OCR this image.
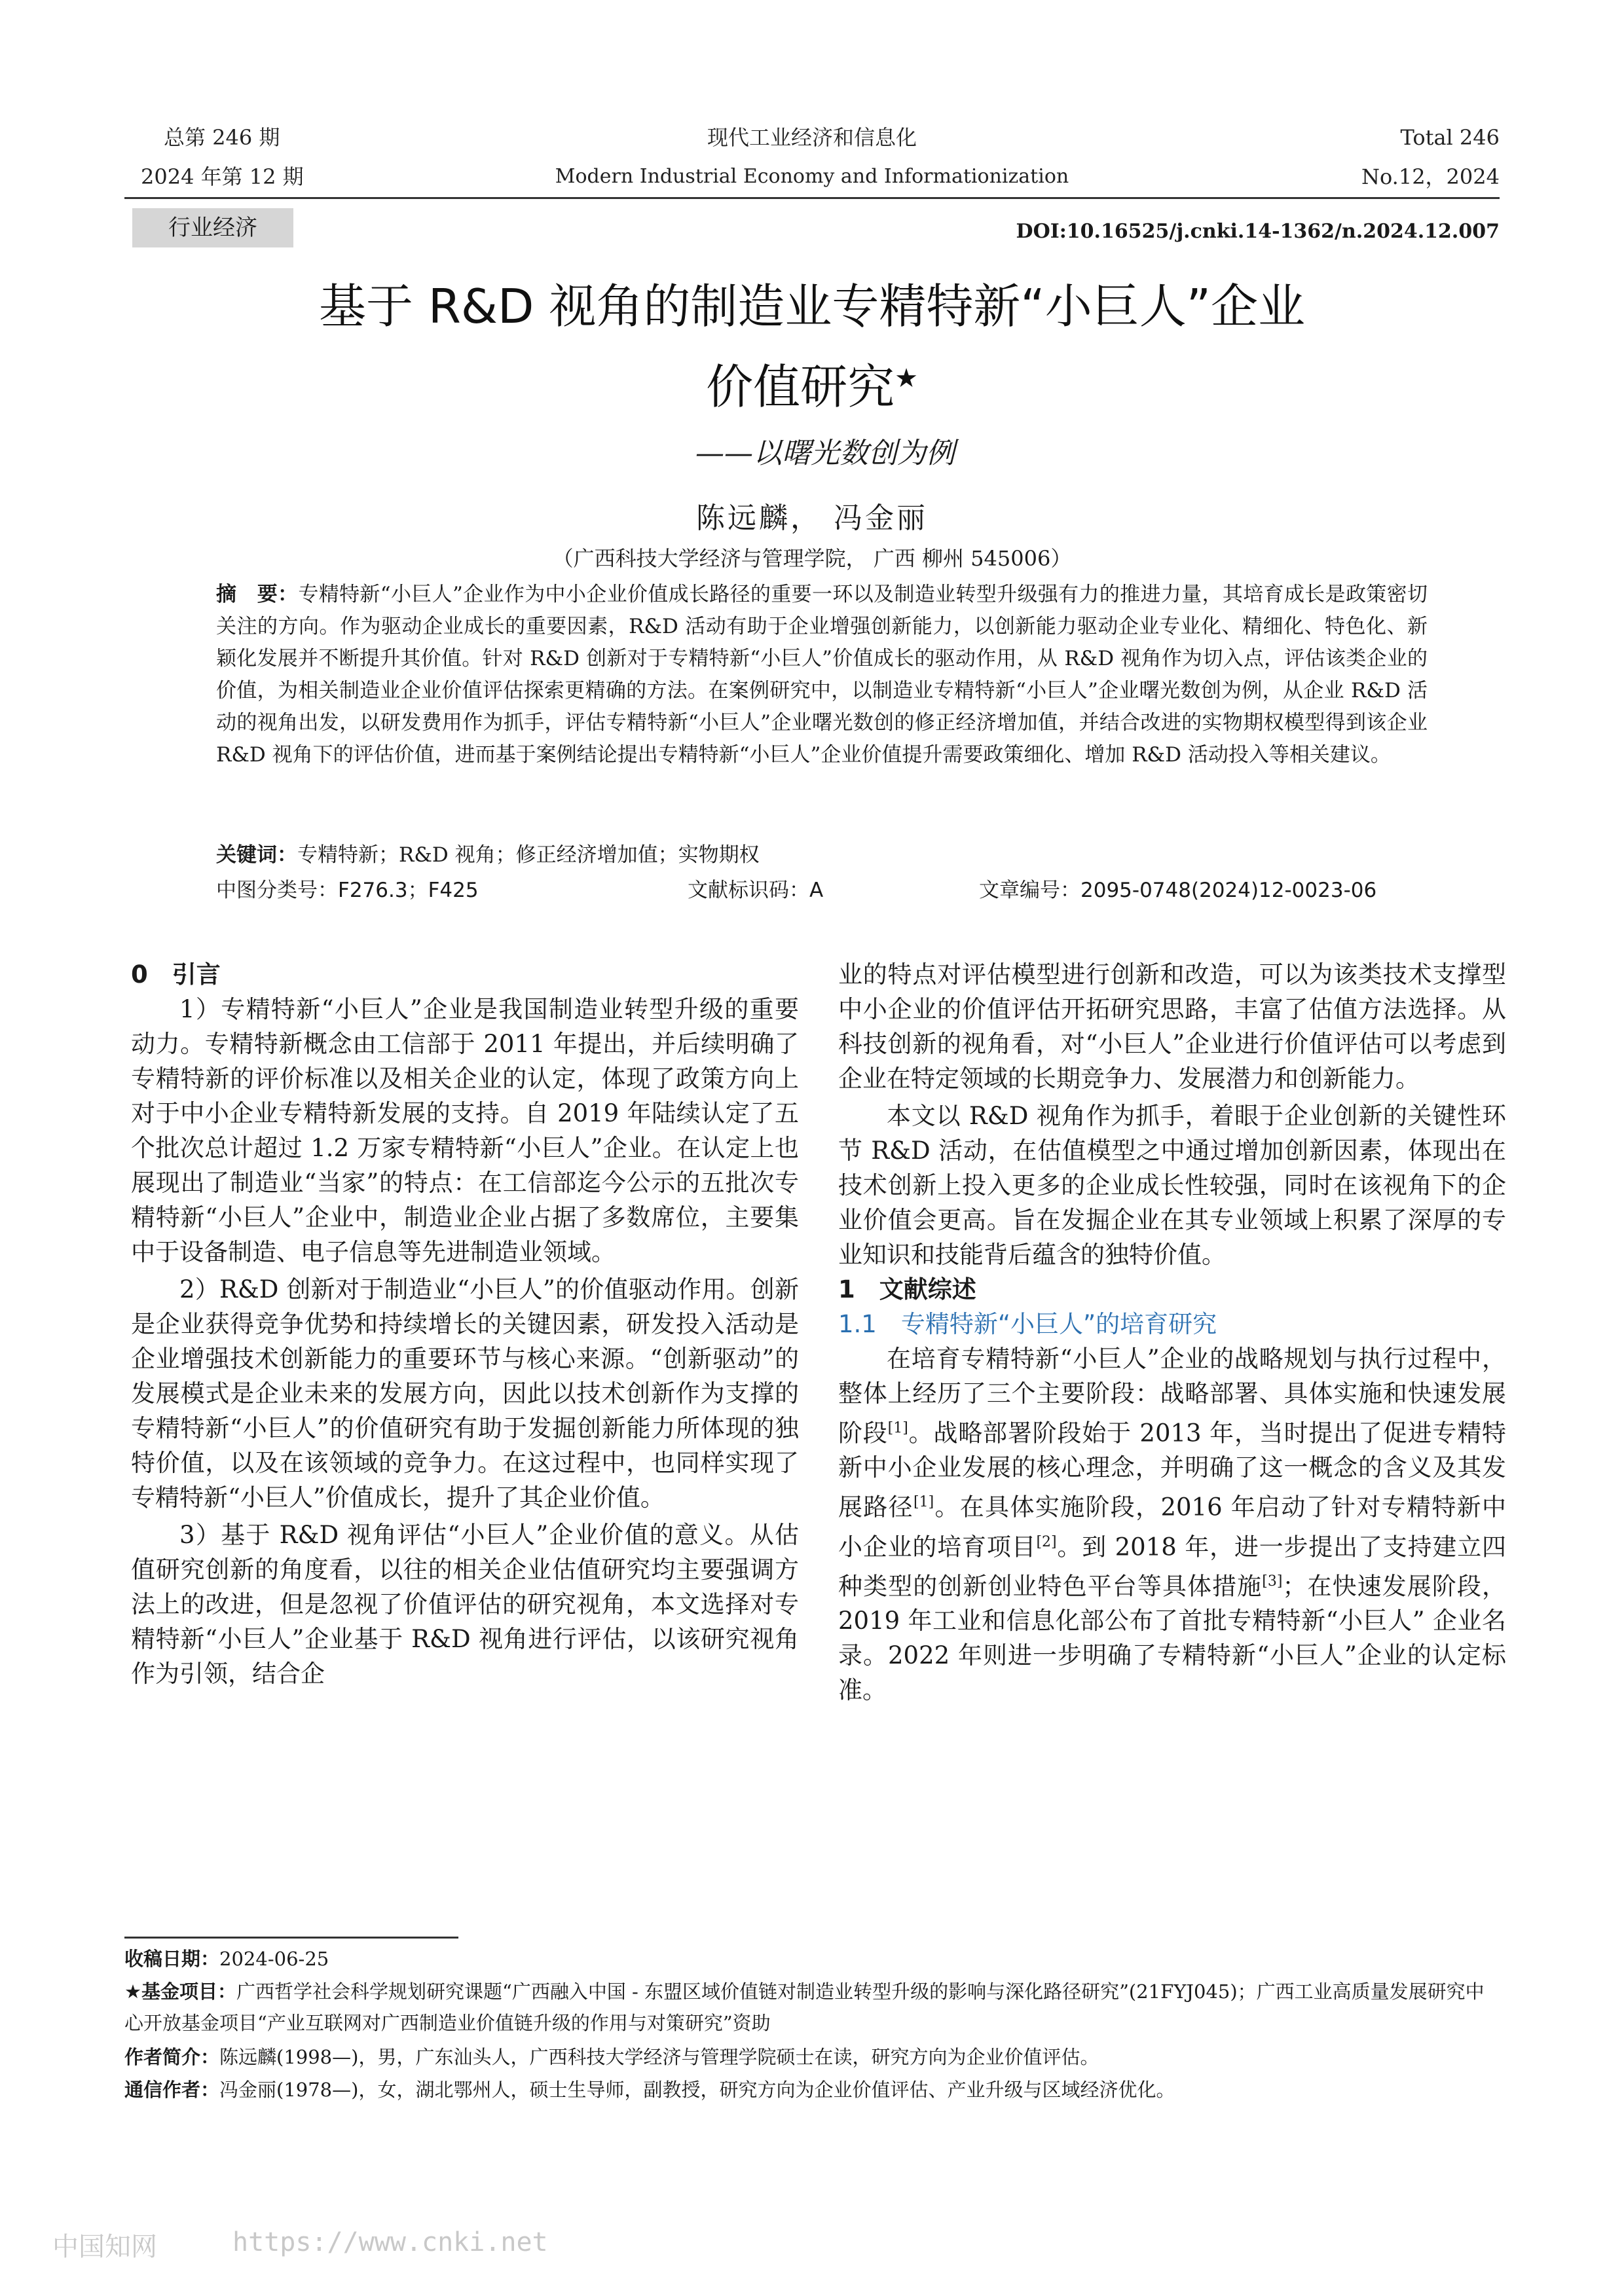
总第 246 期
2024 年第 12 期
现代工业经济和信息化
Modern Industrial Economy and Informationization
Total 246
No.12，2024
行业经济	DOI:10.16525/j.cnki.14-1362/n.2024.12.007
基于 R&D 视角的制造业专精特新“小巨人”企业
价值研究★
——以曙光数创为例
陈远麟， 冯金丽
（广西科技大学经济与管理学院， 广西 柳州 545006）
摘　要：专精特新“小巨人”企业作为中小企业价值成长路径的重要一环以及制造业转型升级强有力的推进力量，其培育成长是政策密切关注的方向。作为驱动企业成长的重要因素，R&D 活动有助于企业增强创新能力，以创新能力驱动企业专业化、精细化、特色化、新颖化发展并不断提升其价值。针对 R&D 创新对于专精特新“小巨人”价值成长的驱动作用，从 R&D 视角作为切入点，评估该类企业的价值，为相关制造业企业价值评估探索更精确的方法。在案例研究中，以制造业专精特新“小巨人”企业曙光数创为例，从企业 R&D 活动的视角出发，以研发费用作为抓手，评估专精特新“小巨人”企业曙光数创的修正经济增加值，并结合改进的实物期权模型得到该企业 R&D 视角下的评估价值，进而基于案例结论提出专精特新“小巨人”企业价值提升需要政策细化、增加 R&D 活动投入等相关建议。
关键词：专精特新；R&D 视角；修正经济增加值；实物期权
中图分类号：F276.3；F425	文献标识码：A	文章编号：2095-0748(2024)12-0023-06
0　引言

1）专精特新“小巨人”企业是我国制造业转型升级的重要动力。专精特新概念由工信部于 2011 年提出，并后续明确了专精特新的评价标准以及相关企业的认定，体现了政策方向上对于中小企业专精特新发展的支持。自 2019 年陆续认定了五个批次总计超过 1.2 万家专精特新“小巨人”企业。在认定上也展现出了制造业“当家”的特点：在工信部迄今公示的五批次专精特新“小巨人”企业中，制造业企业占据了多数席位，主要集中于设备制造、电子信息等先进制造业领域。

2）R&D 创新对于制造业“小巨人”的价值驱动作用。创新是企业获得竞争优势和持续增长的关键因素，研发投入活动是企业增强技术创新能力的重要环节与核心来源。“创新驱动”的发展模式是企业未来的发展方向，因此以技术创新作为支撑的专精特新“小巨人”的价值研究有助于发掘创新能力所体现的独特价值，以及在该领域的竞争力。在这过程中，也同样实现了专精特新“小巨人”价值成长，提升了其企业价值。

3）基于 R&D 视角评估“小巨人”企业价值的意义。从估值研究创新的角度看，以往的相关企业估值研究均主要强调方法上的改进，但是忽视了价值评估的研究视角，本文选择对专精特新“小巨人”企业基于 R&D 视角进行评估，以该研究视角作为引领，结合企

业的特点对评估模型进行创新和改造，可以为该类技术支撑型中小企业的价值评估开拓研究思路，丰富了估值方法选择。从科技创新的视角看，对“小巨人”企业进行价值评估可以考虑到企业在特定领域的长期竞争力、发展潜力和创新能力。

本文以 R&D 视角作为抓手，着眼于企业创新的关键性环节 R&D 活动，在估值模型之中通过增加创新因素，体现出在技术创新上投入更多的企业成长性较强，同时在该视角下的企业价值会更高。旨在发掘企业在其专业领域上积累了深厚的专业知识和技能背后蕴含的独特价值。

1　文献综述
1.1　专精特新“小巨人”的培育研究

在培育专精特新“小巨人”企业的战略规划与执行过程中，整体上经历了三个主要阶段：战略部署、具体实施和快速发展阶段[1]。战略部署阶段始于 2013 年，当时提出了促进专精特新中小企业发展的核心理念，并明确了这一概念的含义及其发展路径[1]。在具体实施阶段，2016 年启动了针对专精特新中小企业的培育项目[2]。到 2018 年，进一步提出了支持建立四种类型的创新创业特色平台等具体措施[3]；在快速发展阶段，2019 年工业和信息化部公布了首批专精特新“小巨人” 企业名录。2022 年则进一步明确了专精特新“小巨人”企业的认定标准。

收稿日期：2024-06-25
★基金项目：广西哲学社会科学规划研究课题“广西融入中国 - 东盟区域价值链对制造业转型升级的影响与深化路径研究”(21FYJ045)；广西工业高质量发展研究中心开放基金项目“产业互联网对广西制造业价值链升级的作用与对策研究”资助
作者简介：陈远麟(1998—)，男，广东汕头人，广西科技大学经济与管理学院硕士在读，研究方向为企业价值评估。
通信作者：冯金丽(1978—)，女，湖北鄂州人，硕士生导师，副教授，研究方向为企业价值评估、产业升级与区域经济优化。
中国知网	https://www.cnki.net
